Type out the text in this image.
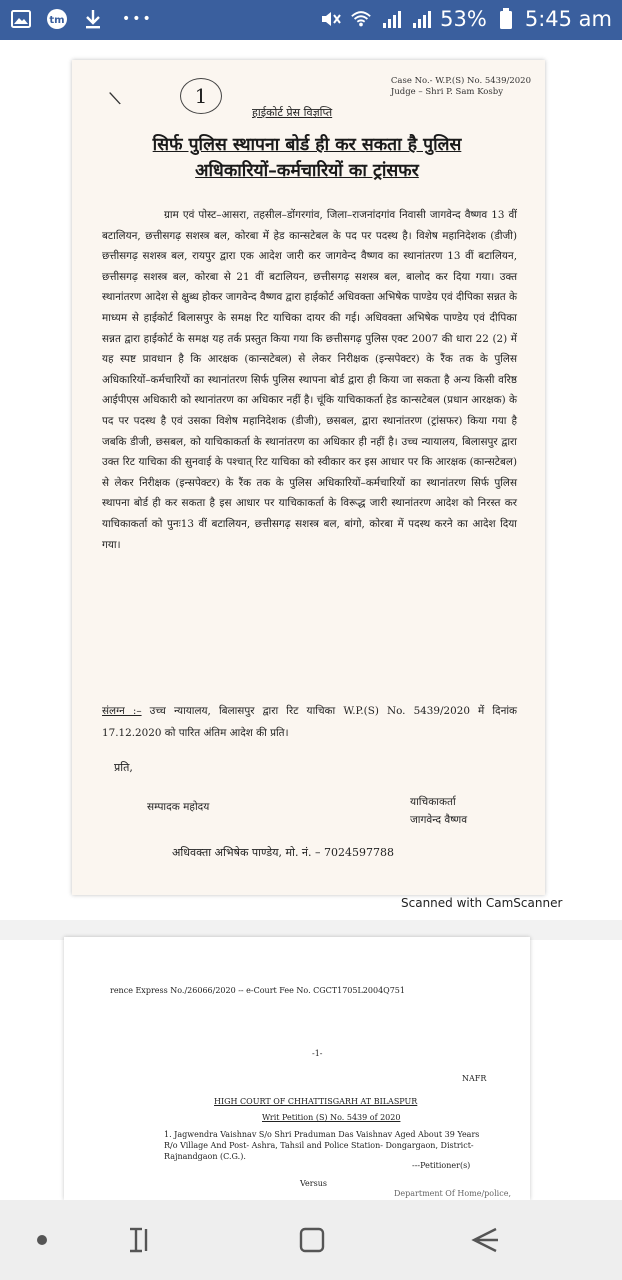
tm	•••	53% 5:45 am
\	1
Case No.- W.P.(S) No. 5439/2020
Judge – Shri P. Sam Kosby
हाईकोर्ट प्रेस विज्ञप्ति
सिर्फ पुलिस स्थापना बोर्ड ही कर सकता है पुलिस
अधिकारियों–कर्मचारियों का ट्रांसफर

ग्राम एवं पोस्ट–आसरा, तहसील–डोंगरगांव, जिला–राजनांदगांव निवासी जागवेन्द वैष्णव 13 वीं बटालियन, छत्तीसगढ़ सशस्त्र बल, कोरबा में हेड कान्सटेबल के पद पर पदस्थ है। विशेष महानिदेशक (डीजी) छत्तीसगढ़ सशस्त्र बल, रायपुर द्वारा एक आदेश जारी कर जागवेन्द वैष्णव का स्थानांतरण 13 वीं बटालियन, छत्तीसगढ़ सशस्त्र बल, कोरबा से 21 वीं बटालियन, छत्तीसगढ़ सशस्त्र बल, बालोद कर दिया गया। उक्त स्थानांतरण आदेश से क्षुब्ध होकर जागवेन्द वैष्णव द्वारा हाईकोर्ट अधिवक्ता अभिषेक पाण्डेय एवं दीपिका सन्नत के माध्यम से हाईकोर्ट बिलासपुर के समक्ष रिट याचिका दायर की गई। अधिवक्ता अभिषेक पाण्डेय एवं दीपिका सन्नत द्वारा हाईकोर्ट के समक्ष यह तर्क प्रस्तुत किया गया कि छत्तीसगढ़ पुलिस एक्ट 2007 की धारा 22 (2) में यह स्पष्ट प्रावधान है कि आरक्षक (कान्सटेबल) से लेकर निरीक्षक (इन्सपेक्टर) के रैंक तक के पुलिस अधिकारियों–कर्मचारियों का स्थानांतरण सिर्फ पुलिस स्थापना बोर्ड द्वारा ही किया जा सकता है अन्य किसी वरिष्ठ आईपीएस अधिकारी को स्थानांतरण का अधिकार नहीं है। चूंकि याचिकाकर्ता हेड कान्सटेबल (प्रधान आरक्षक) के पद पर पदस्थ है एवं उसका विशेष महानिदेशक (डीजी), छसबल, द्वारा स्थानांतरण (ट्रांसफर) किया गया है जबकि डीजी, छसबल, को याचिकाकर्ता के स्थानांतरण का अधिकार ही नहीं है। उच्च न्यायालय, बिलासपुर द्वारा उक्त रिट याचिका की सुनवाई के पश्चात् रिट याचिका को स्वीकार कर इस आधार पर कि आरक्षक (कान्सटेबल) से लेकर निरीक्षक (इन्सपेक्टर) के रैंक तक के पुलिस अधिकारियों–कर्मचारियों का स्थानांतरण सिर्फ पुलिस स्थापना बोर्ड ही कर सकता है इस आधार पर याचिकाकर्ता के विरूद्ध जारी स्थानांतरण आदेश को निरस्त कर याचिकाकर्ता को पुनः13 वीं बटालियन, छत्तीसगढ़ सशस्त्र बल, बांगो, कोरबा में पदस्थ करने का आदेश दिया गया।

संलग्न :– उच्च न्यायालय, बिलासपुर द्वारा रिट याचिका W.P.(S) No. 5439/2020 में दिनांक 17.12.2020 को पारित अंतिम आदेश की प्रति।
प्रति,
सम्पादक महोदय	याचिकाकर्ता
जागवेन्द वैष्णव
अधिवक्ता अभिषेक पाण्डेय, मो. नं. – 7024597788
Scanned with CamScanner
rence Express No./26066/2020 -- e-Court Fee No. CGCT1705L2004Q751
-1-
NAFR
HIGH COURT OF CHHATTISGARH AT BILASPUR
Writ Petition (S) No. 5439 of 2020
1. Jagwendra Vaishnav S/o Shri Praduman Das Vaishnav Aged About 39 Years R/o Village And Post- Ashra, Tahsil and Police Station- Dongargaon, District- Rajnandgaon (C.G.).
---Petitioner(s)
Versus
Department Of Home/police,
